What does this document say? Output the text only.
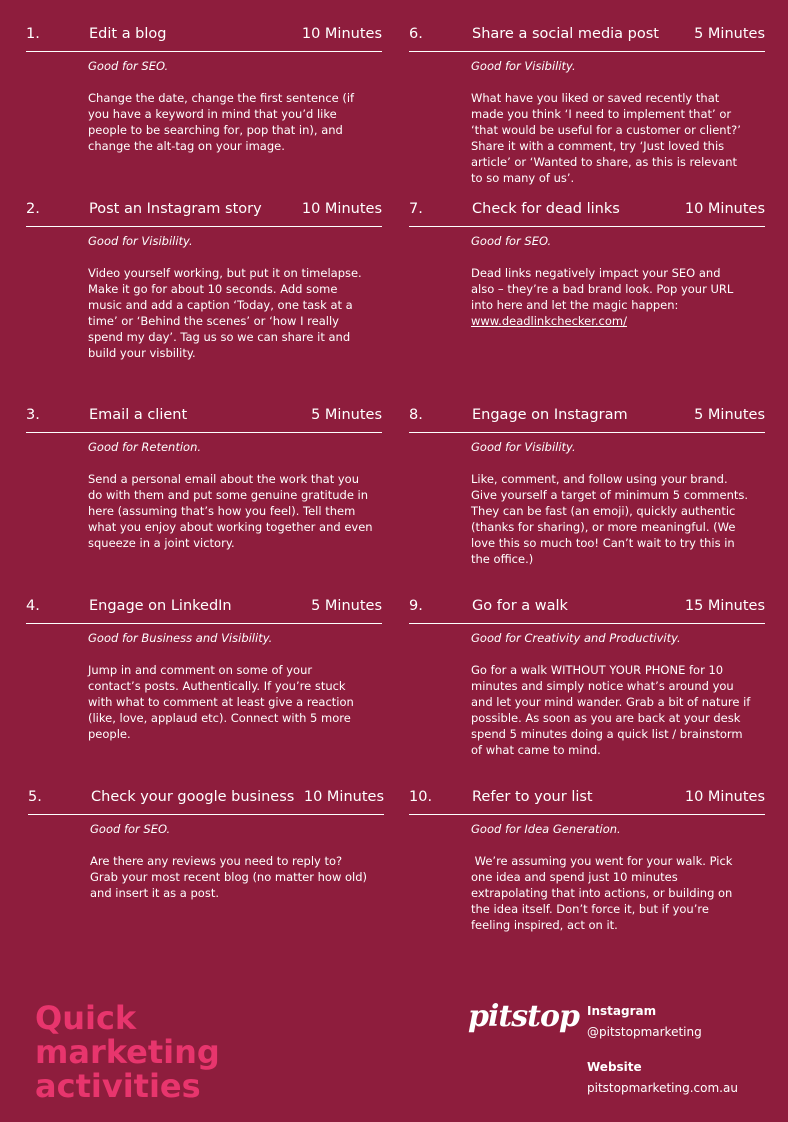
1.	Edit a blog	10 Minutes
Good for SEO.
Change the date, change the first sentence (if
you have a keyword in mind that you’d like
people to be searching for, pop that in), and
change the alt-tag on your image.
2.	Post an Instagram story	10 Minutes
Good for Visibility.
Video yourself working, but put it on timelapse.
Make it go for about 10 seconds. Add some
music and add a caption ‘Today, one task at a
time’ or ‘Behind the scenes’ or ‘how I really
spend my day’. Tag us so we can share it and
build your visbility.
3.	Email a client	5 Minutes
Good for Retention.
Send a personal email about the work that you
do with them and put some genuine gratitude in
here (assuming that’s how you feel). Tell them
what you enjoy about working together and even
squeeze in a joint victory.
4.	Engage on LinkedIn	5 Minutes
Good for Business and Visibility.
Jump in and comment on some of your
contact’s posts. Authentically. If you’re stuck
with what to comment at least give a reaction
(like, love, applaud etc). Connect with 5 more
people.
5.	Check your google business 10 Minutes
Good for SEO.
Are there any reviews you need to reply to?
Grab your most recent blog (no matter how old)
and insert it as a post.
6.	Share a social media post 5 Minutes
Good for Visibility.
What have you liked or saved recently that
made you think ‘I need to implement that’ or
‘that would be useful for a customer or client?’
Share it with a comment, try ‘Just loved this
article’ or ‘Wanted to share, as this is relevant
to so many of us’.
7.	Check for dead links	10 Minutes
Good for SEO.
Dead links negatively impact your SEO and
also – they’re a bad brand look. Pop your URL
into here and let the magic happen:
www.deadlinkchecker.com/
8.	Engage on Instagram	5 Minutes
Good for Visibility.
Like, comment, and follow using your brand.
Give yourself a target of minimum 5 comments.
They can be fast (an emoji), quickly authentic
(thanks for sharing), or more meaningful. (We
love this so much too! Can’t wait to try this in
the office.)
9.	Go for a walk	15 Minutes
Good for Creativity and Productivity.
Go for a walk WITHOUT YOUR PHONE for 10
minutes and simply notice what’s around you
and let your mind wander. Grab a bit of nature if
possible. As soon as you are back at your desk
spend 5 minutes doing a quick list / brainstorm
of what came to mind.
10.	Refer to your list	10 Minutes
Good for Idea Generation.
We’re assuming you went for your walk. Pick
one idea and spend just 10 minutes
extrapolating that into actions, or building on
the idea itself. Don’t force it, but if you’re
feeling inspired, act on it.
Quick
marketing
activities
pitstop Instagram
@pitstopmarketing
Website
pitstopmarketing.com.au
